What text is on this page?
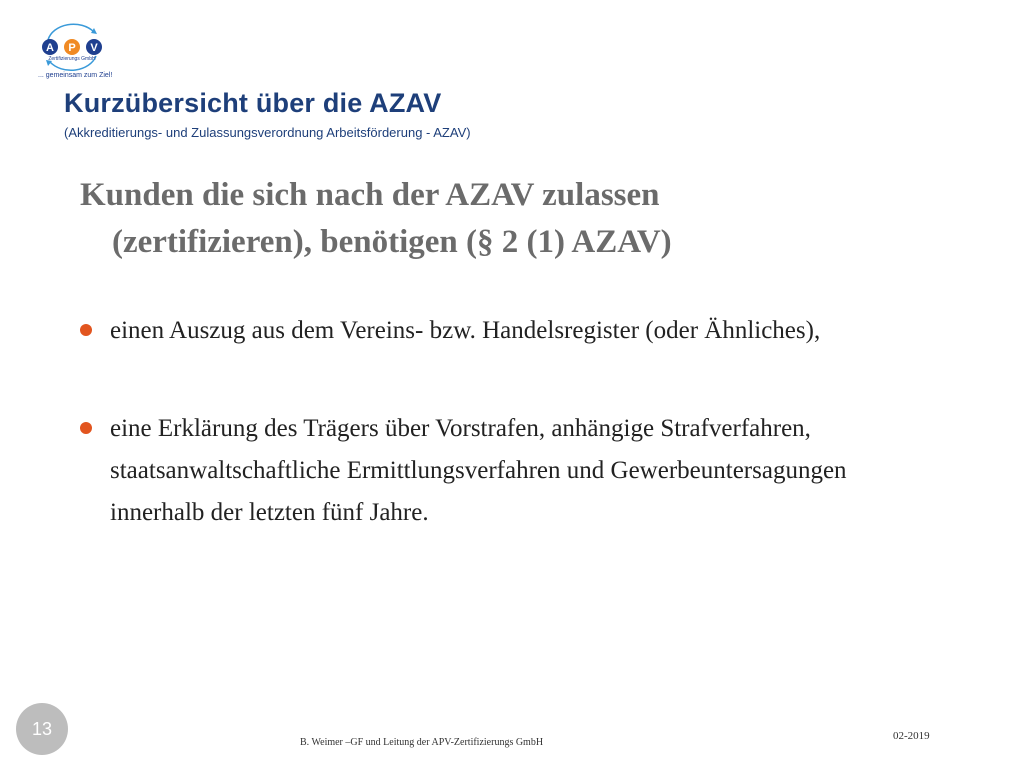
A P V
Zertifizierungs GmbH
... gemeinsam zum Ziel!
Kurzübersicht über die AZAV
(Akkreditierungs- und Zulassungsverordnung Arbeitsförderung - AZAV)
Kunden die sich nach der AZAV zulassen
(zertifizieren), benötigen (§ 2 (1) AZAV)
einen Auszug aus dem Vereins- bzw. Handelsregister (oder Ähnliches),
eine Erklärung des Trägers über Vorstrafen, anhängige Strafverfahren, staatsanwaltschaftliche Ermittlungsverfahren und Gewerbeuntersagungen innerhalb der letzten fünf Jahre.
13
B. Weimer –GF und Leitung der APV-Zertifizierungs GmbH
02-2019
